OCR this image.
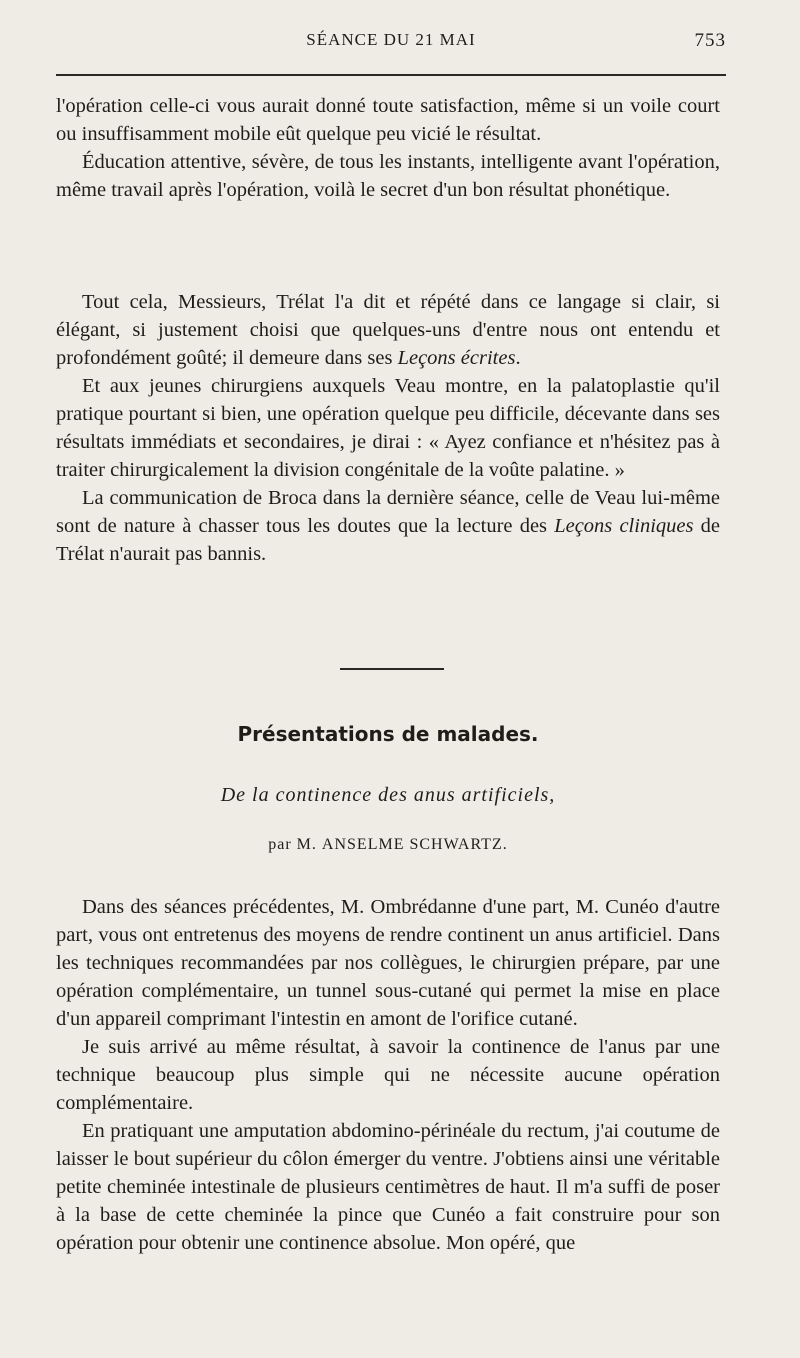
SÉANCE DU 21 MAI	753

l'opération celle-ci vous aurait donné toute satisfaction, même si un voile court ou insuffisamment mobile eût quelque peu vicié le résultat.

Éducation attentive, sévère, de tous les instants, intelligente avant l'opération, même travail après l'opération, voilà le secret d'un bon résultat phonétique.

Tout cela, Messieurs, Trélat l'a dit et répété dans ce langage si clair, si élégant, si justement choisi que quelques-uns d'entre nous ont entendu et profondément goûté; il demeure dans ses Leçons écrites.

Et aux jeunes chirurgiens auxquels Veau montre, en la palatoplastie qu'il pratique pourtant si bien, une opération quelque peu difficile, décevante dans ses résultats immédiats et secondaires, je dirai : « Ayez confiance et n'hésitez pas à traiter chirurgicalement la division congénitale de la voûte palatine. »

La communication de Broca dans la dernière séance, celle de Veau lui-même sont de nature à chasser tous les doutes que la lecture des Leçons cliniques de Trélat n'aurait pas bannis.

Présentations de malades.
De la continence des anus artificiels,
par M. ANSELME SCHWARTZ.

Dans des séances précédentes, M. Ombrédanne d'une part, M. Cunéo d'autre part, vous ont entretenus des moyens de rendre continent un anus artificiel. Dans les techniques recommandées par nos collègues, le chirurgien prépare, par une opération complémentaire, un tunnel sous-cutané qui permet la mise en place d'un appareil comprimant l'intestin en amont de l'orifice cutané.

Je suis arrivé au même résultat, à savoir la continence de l'anus par une technique beaucoup plus simple qui ne nécessite aucune opération complémentaire.

En pratiquant une amputation abdomino-périnéale du rectum, j'ai coutume de laisser le bout supérieur du côlon émerger du ventre. J'obtiens ainsi une véritable petite cheminée intestinale de plusieurs centimètres de haut. Il m'a suffi de poser à la base de cette cheminée la pince que Cunéo a fait construire pour son opération pour obtenir une continence absolue. Mon opéré, que
